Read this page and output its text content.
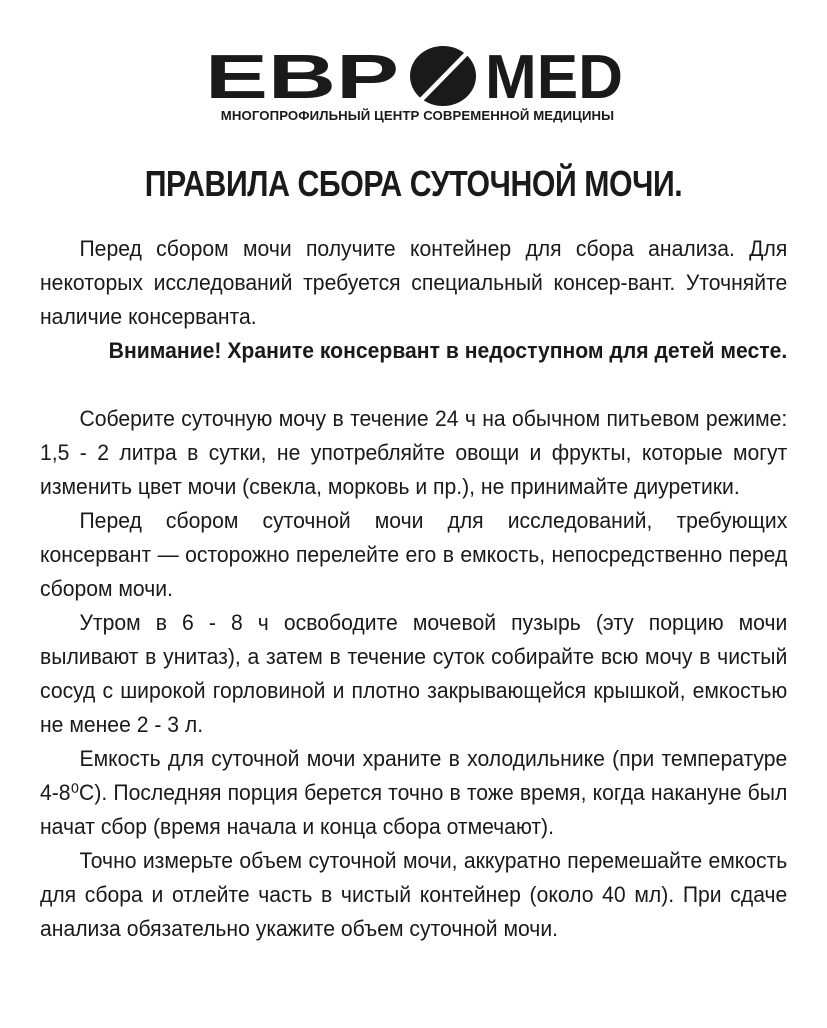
ЕВР MED
МНОГОПРОФИЛЬНЫЙ ЦЕНТР СОВРЕМЕННОЙ МЕДИЦИНЫ
ПРАВИЛА СБОРА СУТОЧНОЙ МОЧИ.

Перед сбором мочи получите контейнер для сбора анализа. Для некоторых исследований требуется специальный консер-вант. Уточняйте наличие консерванта.

Внимание! Храните консервант в недоступном для детей месте.

Соберите суточную мочу в течение 24 ч на обычном питьевом режиме: 1,5 - 2 литра в сутки, не употребляйте овощи и фрукты, которые могут изменить цвет мочи (свекла, морковь и пр.), не принимайте диуретики.

Перед сбором суточной мочи для исследований, требующих консервант — осторожно перелейте его в емкость, непосредственно перед сбором мочи.

Утром в 6 - 8 ч освободите мочевой пузырь (эту порцию мочи выливают в унитаз), а затем в течение суток собирайте всю мочу в чистый сосуд с широкой горловиной и плотно закрывающейся крышкой, емкостью не менее 2 - 3 л.

Емкость для суточной мочи храните в холодильнике (при температуре 4-8⁰С). Последняя порция берется точно в тоже время, когда накануне был начат сбор (время начала и конца сбора отмечают).

Точно измерьте объем суточной мочи, аккуратно перемешайте емкость для сбора и отлейте часть в чистый контейнер (около 40 мл). При сдаче анализа обязательно укажите объем суточной мочи.
